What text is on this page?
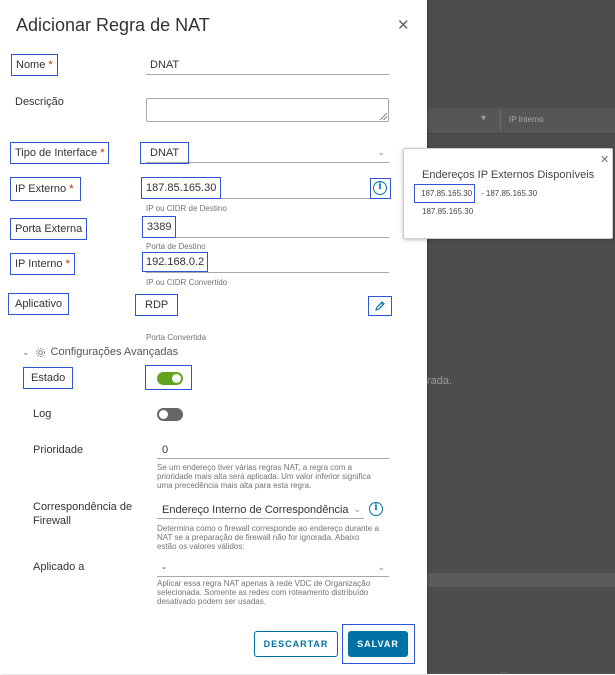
▾	IP Interno
rada.
....
Adicionar Regra de NAT	✕
Nome *	DNAT
Descrição
Tipo de Interface *	DNAT	⌄
IP Externo *	187.85.165.30	i
IP ou CIDR de Destino
Porta Externa	3389
Porta de Destino
IP Interno *	192.168.0.2
IP ou CIDR Convertido
Aplicativo	RDP
Porta Convertida
⌄ Configurações Avançadas
Estado
Log
Prioridade	0
Se um endereço tiver várias regras NAT, a regra com a prioridade mais alta será aplicada. Um valor inferior significa uma precedência mais alta para esta regra.
Correspondência de Firewall
Endereço Interno de Correspondência ⌄	i
Determina como o firewall corresponde ao endereço durante a NAT se a preparação de firewall não for ignorada. Abaixo estão os valores válidos:
Aplicado a	-	⌄
Aplicar essa regra NAT apenas à rede VDC de Organização selecionada. Somente as redes com roteamento distribuído desativado podem ser usadas.
DESCARTAR	SALVAR
✕
Endereços IP Externos Disponíveis
187.85.165.30 - 187.85.165.30
187.85.165.30
